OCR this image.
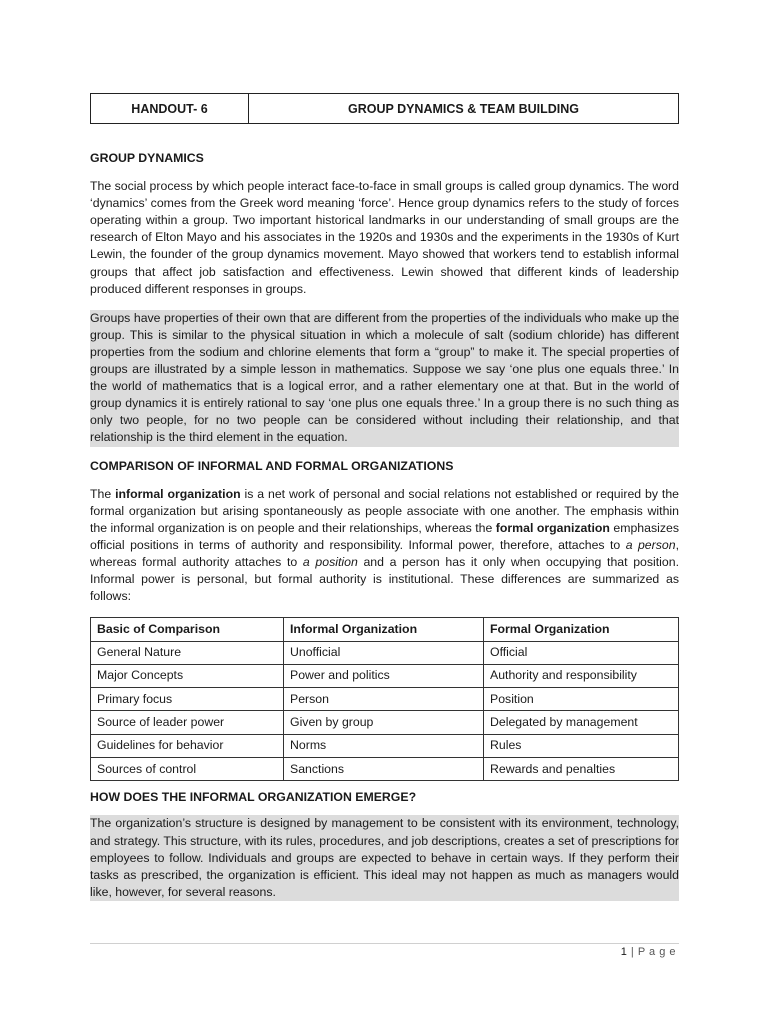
HANDOUT- 6	GROUP DYNAMICS & TEAM BUILDING
GROUP DYNAMICS

The social process by which people interact face-to-face in small groups is called group dynamics. The word ‘dynamics’ comes from the Greek word meaning ‘force’. Hence group dynamics refers to the study of forces operating within a group. Two important historical landmarks in our understanding of small groups are the research of Elton Mayo and his associates in the 1920s and 1930s and the experiments in the 1930s of Kurt Lewin, the founder of the group dynamics movement. Mayo showed that workers tend to establish informal groups that affect job satisfaction and effectiveness. Lewin showed that different kinds of leadership produced different responses in groups.

Groups have properties of their own that are different from the properties of the individuals who make up the group. This is similar to the physical situation in which a molecule of salt (sodium chloride) has different properties from the sodium and chlorine elements that form a “group” to make it. The special properties of groups are illustrated by a simple lesson in mathematics. Suppose we say ‘one plus one equals three.’ In the world of mathematics that is a logical error, and a rather elementary one at that. But in the world of group dynamics it is entirely rational to say ‘one plus one equals three.’ In a group there is no such thing as only two people, for no two people can be considered without including their relationship, and that relationship is the third element in the equation.

COMPARISON OF INFORMAL AND FORMAL ORGANIZATIONS

The informal organization is a net work of personal and social relations not established or required by the formal organization but arising spontaneously as people associate with one another. The emphasis within the informal organization is on people and their relationships, whereas the formal organization emphasizes official positions in terms of authority and responsibility. Informal power, therefore, attaches to a person, whereas formal authority attaches to a position and a person has it only when occupying that position. Informal power is personal, but formal authority is institutional. These differences are summarized as follows:

Basic of Comparison	Informal Organization	Formal Organization
General Nature	Unofficial	Official
Major Concepts	Power and politics	Authority and responsibility
Primary focus	Person	Position
Source of leader power	Given by group	Delegated by management
Guidelines for behavior	Norms	Rules
Sources of control	Sanctions	Rewards and penalties
HOW DOES THE INFORMAL ORGANIZATION EMERGE?

The organization’s structure is designed by management to be consistent with its environment, technology, and strategy. This structure, with its rules, procedures, and job descriptions, creates a set of prescriptions for employees to follow. Individuals and groups are expected to behave in certain ways. If they perform their tasks as prescribed, the organization is efficient. This ideal may not happen as much as managers would like, however, for several reasons.

1 | P a g e
